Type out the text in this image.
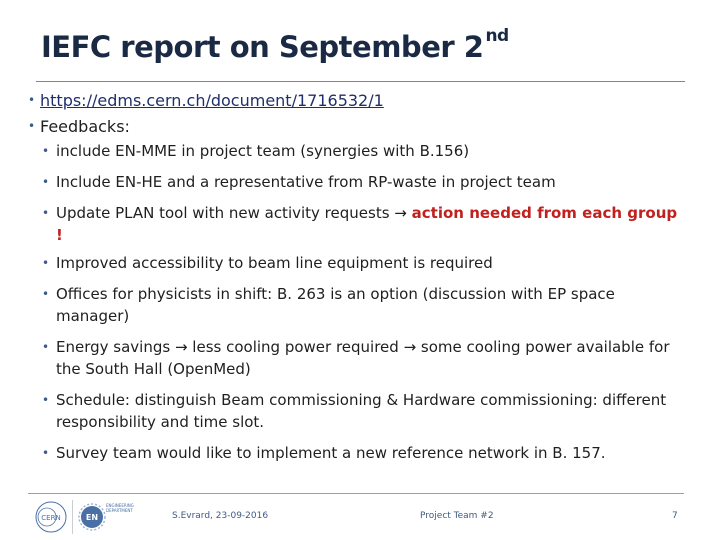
IEFC report on September 2 $^{nd}$
• https://edms.cern.ch/document/1716532/1
• Feedbacks:
• include EN-MME in project team (synergies with B.156)
• Include EN-HE and a representative from RP-waste in project team
• Update PLAN tool with new activity requests → action needed from each group !
• Improved accessibility to beam line equipment is required
• Offices for physicists in shift: B. 263 is an option (discussion with EP space manager)
• Energy savings → less cooling power required → some cooling power available for the South Hall (OpenMed)
• Schedule: distinguish Beam commissioning & Hardware commissioning: different responsibility and time slot.
• Survey team would like to implement a new reference network in B. 157.
CERN	EN
ENGINEERING
DEPARTMENT
S.Evrard, 23-09-2016	Project Team #2	7
